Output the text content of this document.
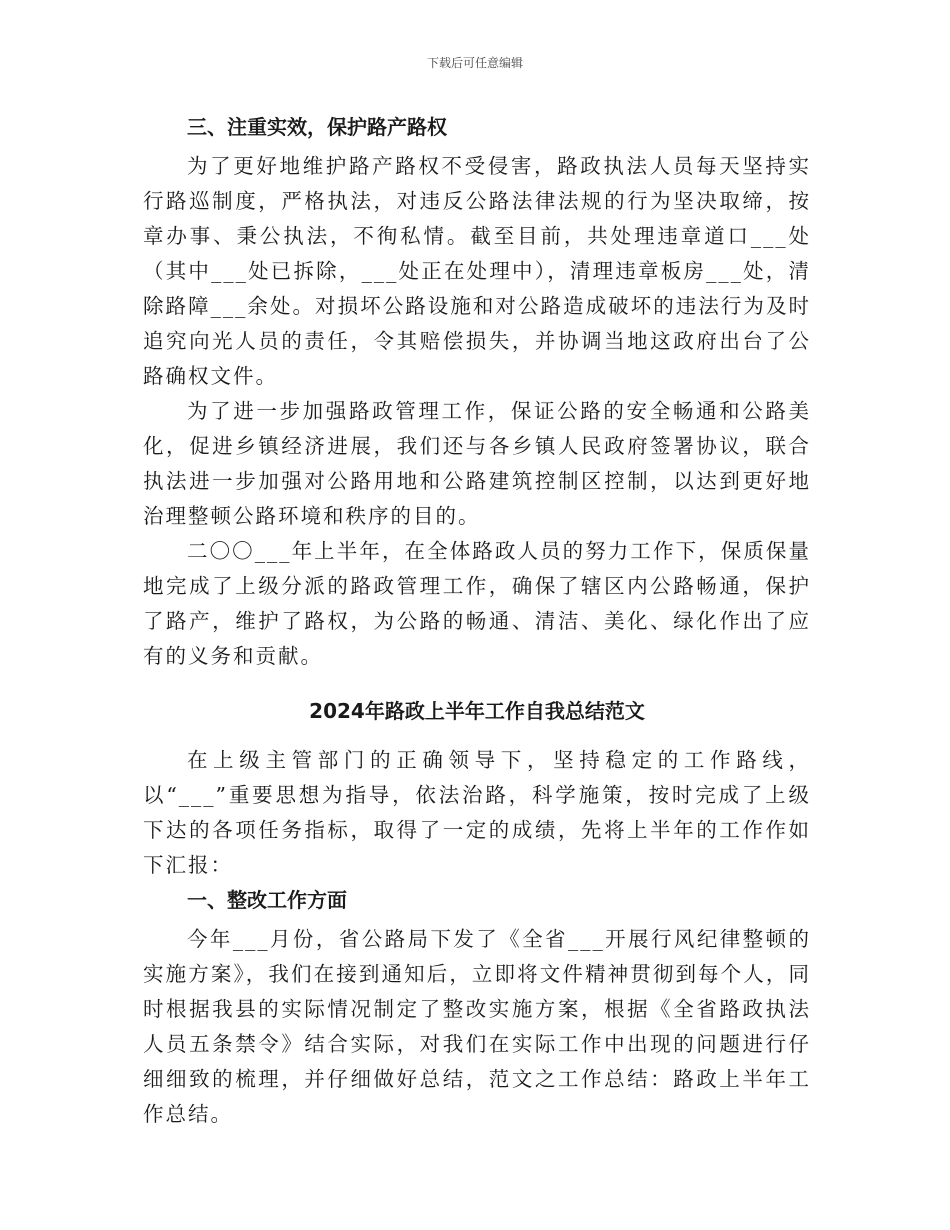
下载后可任意编辑
三、注重实效，保护路产路权

为了更好地维护路产路权不受侵害，路政执法人员每天坚持实行路巡制度，严格执法，对违反公路法律法规的行为坚决取缔，按章办事、秉公执法，不徇私情。截至目前，共处理违章道口___处（其中___处已拆除，___处正在处理中），清理违章板房___处，清除路障___余处。对损坏公路设施和对公路造成破坏的违法行为及时追究向光人员的责任，令其赔偿损失，并协调当地这政府出台了公路确权文件。

为了进一步加强路政管理工作，保证公路的安全畅通和公路美化，促进乡镇经济进展，我们还与各乡镇人民政府签署协议，联合执法进一步加强对公路用地和公路建筑控制区控制，以达到更好地治理整顿公路环境和秩序的目的。

二〇〇___年上半年，在全体路政人员的努力工作下，保质保量地完成了上级分派的路政管理工作，确保了辖区内公路畅通，保护了路产，维护了路权，为公路的畅通、清洁、美化、绿化作出了应有的义务和贡献。

2024年路政上半年工作自我总结范文

在上级主管部门的正确领导下，坚持稳定的工作路线，以“___”重要思想为指导，依法治路，科学施策，按时完成了上级下达的各项任务指标，取得了一定的成绩，先将上半年的工作作如下汇报：

一、整改工作方面

今年___月份，省公路局下发了《全省___开展行风纪律整顿的实施方案》，我们在接到通知后，立即将文件精神贯彻到每个人，同时根据我县的实际情况制定了整改实施方案，根据《全省路政执法人员五条禁令》结合实际，对我们在实际工作中出现的问题进行仔细细致的梳理，并仔细做好总结，范文之工作总结：路政上半年工作总结。
